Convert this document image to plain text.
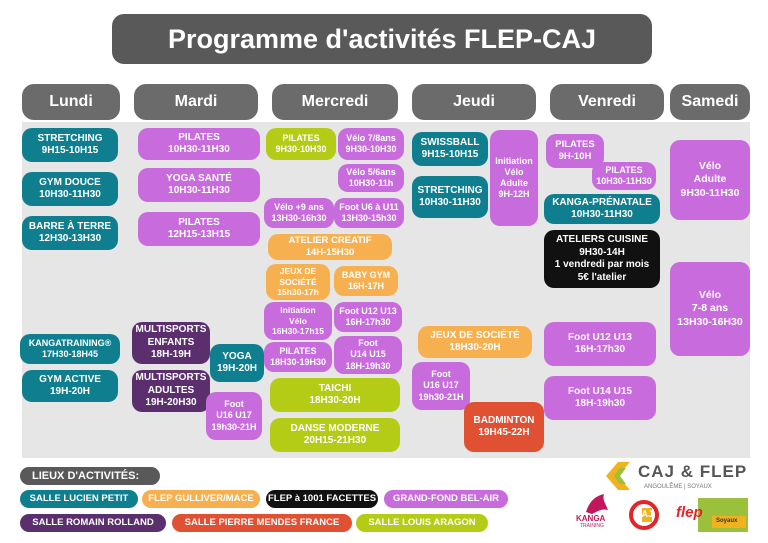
Programme d'activités FLEP-CAJ
Lundi	Mardi	Mercredi	Jeudi	Venredi	Samedi
STRETCHING
9H15-10H15
GYM DOUCE
10H30-11H30
BARRE À TERRE
12H30-13H30
KANGATRAINING®
17H30-18H45
GYM ACTIVE
19H-20H
PILATES
10H30-11H30
YOGA SANTÉ
10H30-11H30
PILATES
12H15-13H15
MULTISPORTS
ENFANTS
18H-19H
MULTISPORTS
ADULTES
19H-20H30
YOGA
19H-20H
Foot
U16 U17
19h30-21H
PILATES
9H30-10H30
Vélo 7/8ans
9H30-10H30
Vélo 5/6ans
10H30-11h
Vélo +9 ans
13H30-16h30
Foot U6 à U11
13H30-15h30
ATELIER CREATIF
14H-15H30
JEUX DE
SOCIÉTÉ
15h30-17h
BABY GYM
16H-17H
Initiation
Vélo
16H30-17h15
Foot U12 U13
16H-17h30
PILATES
18H30-19H30
Foot
U14 U15
18H-19h30
TAICHI
18H30-20H
DANSE MODERNE
20H15-21H30
SWISSBALL
9H15-10H15
Initiation
Vélo
Adulte
9H-12H
STRETCHING
10H30-11H30
JEUX DE SOCIÉTÉ
18H30-20H
Foot
U16 U17
19h30-21H
BADMINTON
19H45-22H
PILATES
9H-10H
PILATES
10H30-11H30
KANGA-PRÉNATALE
10H30-11H30
ATELIERS CUISINE
9H30-14H
1 vendredi par mois
5€ l'atelier
Foot U12 U13
16H-17h30
Foot U14 U15
18H-19h30
Vélo
Adulte
9H30-11H30
Vélo
7-8 ans
13H30-16H30
LIEUX D'ACTIVITÉS:
SALLE LUCIEN PETIT	FLEP GULLIVER/MACE	FLEP à 1001 FACETTES	GRAND-FOND BEL-AIR
SALLE ROMAIN ROLLAND	SALLE PIERRE MENDES FRANCE	SALLE LOUIS ARAGON
CAJ & FLEP
ANGOULÊME | SOYAUX
KANGA
TRAINING
CAJ flep Soyaux
